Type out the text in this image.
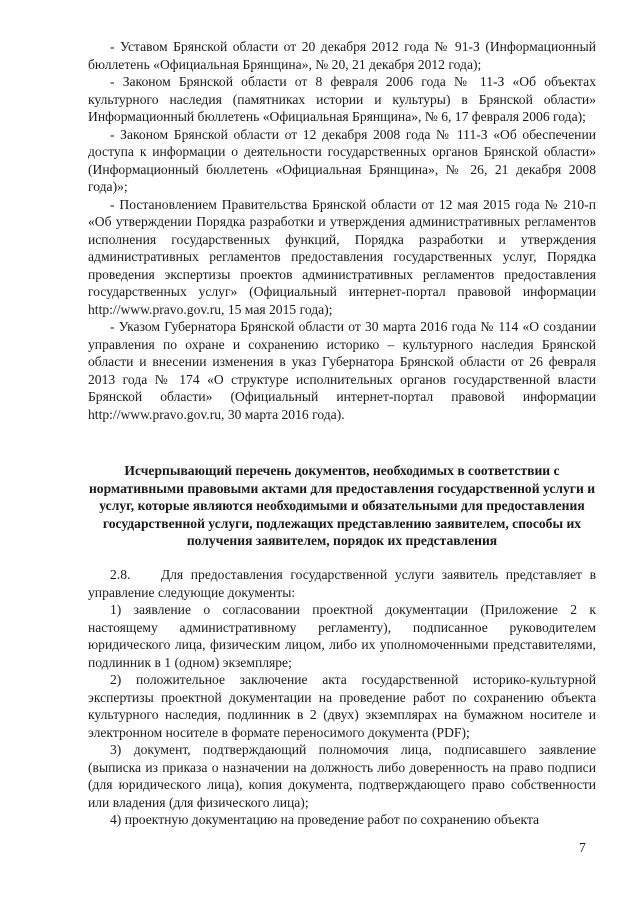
- Уставом Брянской области от 20 декабря 2012 года № 91-З (Информационный бюллетень «Официальная Брянщина», № 20, 21 декабря 2012 года);

- Законом Брянской области от 8 февраля 2006 года № 11-З «Об объектах культурного наследия (памятниках истории и культуры) в Брянской области» Информационный бюллетень «Официальная Брянщина», № 6, 17 февраля 2006 года);

- Законом Брянской области от 12 декабря 2008 года № 111-З «Об обеспечении доступа к информации о деятельности государственных органов Брянской области» (Информационный бюллетень «Официальная Брянщина», № 26, 21 декабря 2008 года)»;

- Постановлением Правительства Брянской области от 12 мая 2015 года № 210-п «Об утверждении Порядка разработки и утверждения административных регламентов исполнения государственных функций, Порядка разработки и утверждения административных регламентов предоставления государственных услуг, Порядка проведения экспертизы проектов административных регламентов предоставления государственных услуг» (Официальный интернет-портал правовой информации http://www.pravo.gov.ru, 15 мая 2015 года);

- Указом Губернатора Брянской области от 30 марта 2016 года № 114 «О создании управления по охране и сохранению историко – культурного наследия Брянской области и внесении изменения в указ Губернатора Брянской области от 26 февраля 2013 года № 174 «О структуре исполнительных органов государственной власти Брянской области» (Официальный интернет-портал правовой информации http://www.pravo.gov.ru, 30 марта 2016 года).

Исчерпывающий перечень документов, необходимых в соответствии с нормативными правовыми актами для предоставления государственной услуги и услуг, которые являются необходимыми и обязательными для предоставления государственной услуги, подлежащих представлению заявителем, способы их получения заявителем, порядок их представления

2.8.    Для предоставления государственной услуги заявитель представляет в управление следующие документы:

1) заявление о согласовании проектной документации (Приложение 2 к настоящему административному регламенту), подписанное руководителем юридического лица, физическим лицом, либо их уполномоченными представителями, подлинник в 1 (одном) экземпляре;

2) положительное заключение акта государственной историко-культурной экспертизы проектной документации на проведение работ по сохранению объекта культурного наследия, подлинник в 2 (двух) экземплярах на бумажном носителе и электронном носителе в формате переносимого документа (PDF);

3) документ, подтверждающий полномочия лица, подписавшего заявление (выписка из приказа о назначении на должность либо доверенность на право подписи (для юридического лица), копия документа, подтверждающего право собственности или владения (для физического лица);

4) проектную документацию на проведение работ по сохранению объекта

7
